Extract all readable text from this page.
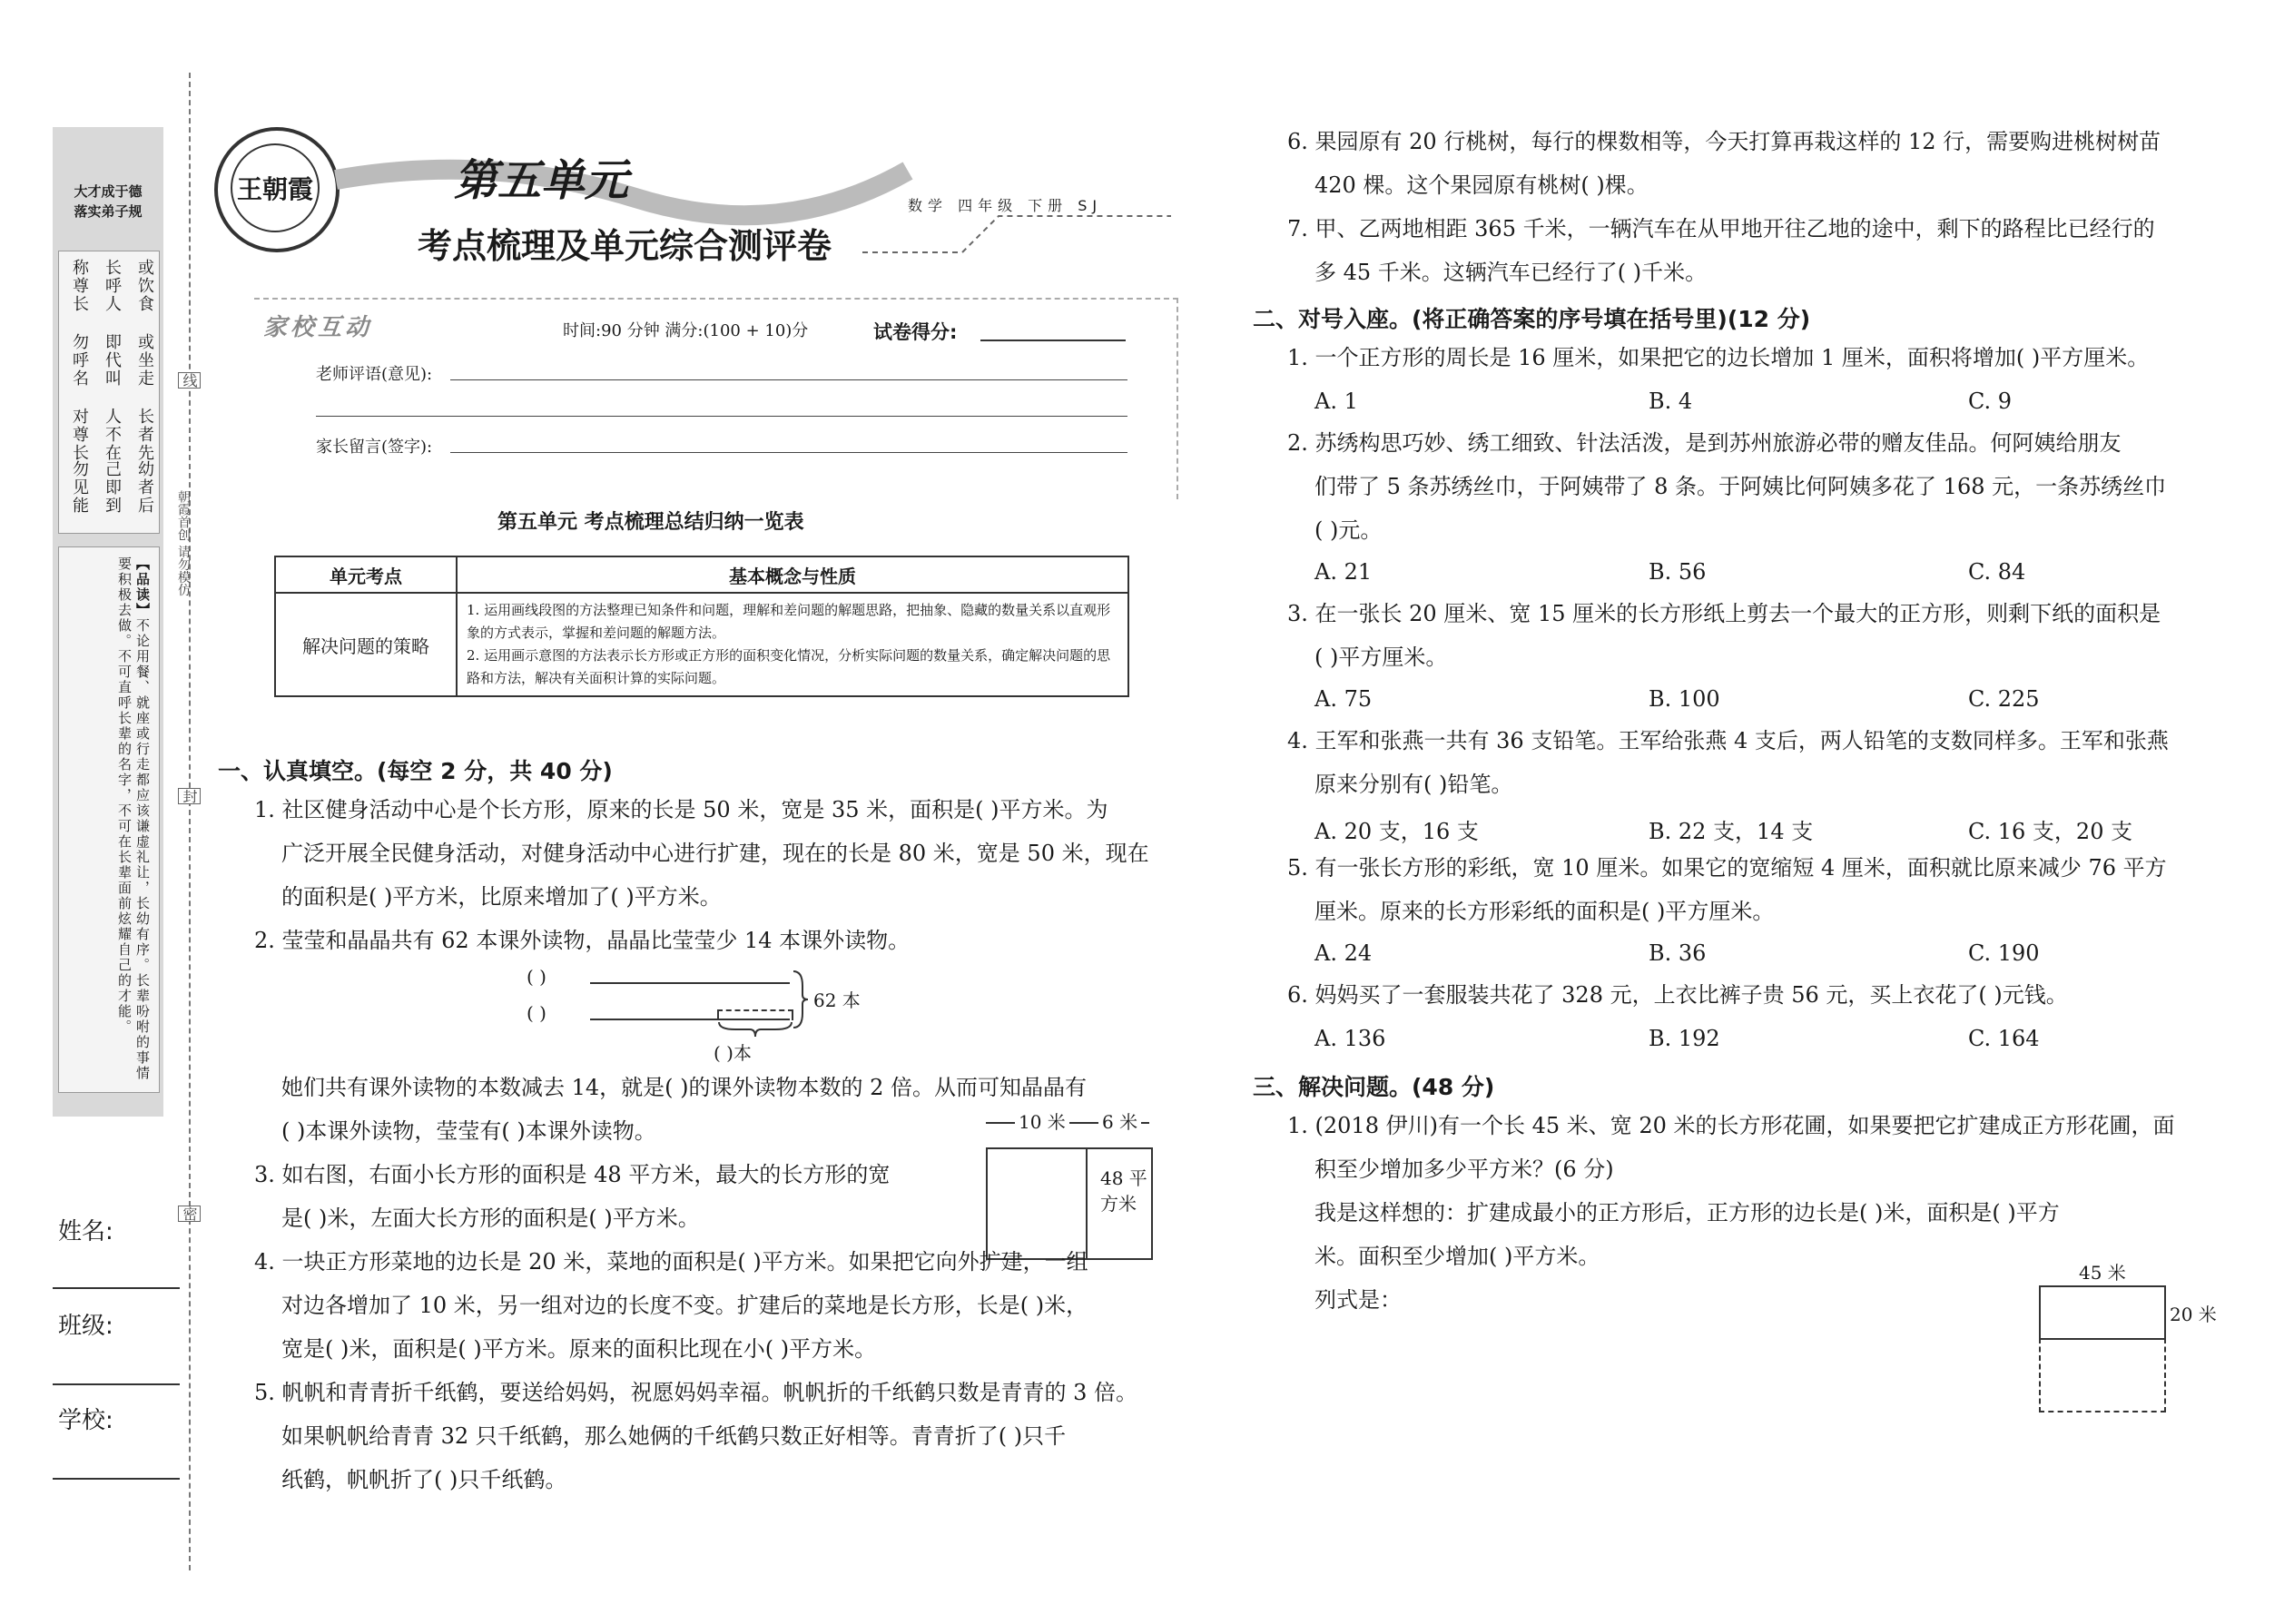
大才成于德
落实弟子规
或饮食
或坐走
长者先
幼者后
长呼人
即代叫
人不在
己即到
称尊长
勿呼名
对尊长
勿见能
【品读】不论用餐、就座或行走都应该谦虚礼让，长幼有序。长辈吩咐的事情要积极去做。不可直呼长辈的名字，不可在长辈面前炫耀自己的才能。
线
朝霞首创 请勿模仿
封
密
姓名:
班级:
学校:
王朝霞	第五单元
考点梳理及单元综合测评卷
数学 四年级 下册 SJ
家校互动	时间:90 分钟 满分:(100 + 10)分	试卷得分:
老师评语(意见):
家长留言(签字):
第五单元 考点梳理总结归纳一览表
单元考点	基本概念与性质
解决问题的策略	1. 运用画线段图的方法整理已知条件和问题，理解和差问题的解题思路，把抽象、隐藏的数量关系以直观形象的方式表示，掌握和差问题的解题方法。
2. 运用画示意图的方法表示长方形或正方形的面积变化情况，分析实际问题的数量关系，确定解决问题的思路和方法，解决有关面积计算的实际问题。
一、认真填空。(每空 2 分，共 40 分)
1. 社区健身活动中心是个长方形，原来的长是 50 米，宽是 35 米，面积是( )平方米。为
广泛开展全民健身活动，对健身活动中心进行扩建，现在的长是 80 米，宽是 50 米，现在
的面积是( )平方米，比原来增加了( )平方米。
2. 莹莹和晶晶共有 62 本课外读物，晶晶比莹莹少 14 本课外读物。
( )
( )
62 本
( )本
她们共有课外读物的本数减去 14，就是( )的课外读物本数的 2 倍。从而可知晶晶有
( )本课外读物，莹莹有( )本课外读物。
3. 如右图，右面小长方形的面积是 48 平方米，最大的长方形的宽
是( )米，左面大长方形的面积是( )平方米。
10 米 6 米
48 平
方米
4. 一块正方形菜地的边长是 20 米，菜地的面积是( )平方米。如果把它向外扩建，一组
对边各增加了 10 米，另一组对边的长度不变。扩建后的菜地是长方形，长是( )米，
宽是( )米，面积是( )平方米。原来的面积比现在小( )平方米。
5. 帆帆和青青折千纸鹤，要送给妈妈，祝愿妈妈幸福。帆帆折的千纸鹤只数是青青的 3 倍。
如果帆帆给青青 32 只千纸鹤，那么她俩的千纸鹤只数正好相等。青青折了( )只千
纸鹤，帆帆折了( )只千纸鹤。
6. 果园原有 20 行桃树，每行的棵数相等，今天打算再栽这样的 12 行，需要购进桃树树苗
420 棵。这个果园原有桃树( )棵。
7. 甲、乙两地相距 365 千米，一辆汽车在从甲地开往乙地的途中，剩下的路程比已经行的
多 45 千米。这辆汽车已经行了( )千米。
二、对号入座。(将正确答案的序号填在括号里)(12 分)
1. 一个正方形的周长是 16 厘米，如果把它的边长增加 1 厘米，面积将增加( )平方厘米。
A. 1	B. 4	C. 9
2. 苏绣构思巧妙、绣工细致、针法活泼，是到苏州旅游必带的赠友佳品。何阿姨给朋友
们带了 5 条苏绣丝巾，于阿姨带了 8 条。于阿姨比何阿姨多花了 168 元，一条苏绣丝巾
( )元。
A. 21	B. 56	C. 84
3. 在一张长 20 厘米、宽 15 厘米的长方形纸上剪去一个最大的正方形，则剩下纸的面积是
( )平方厘米。
A. 75	B. 100	C. 225
4. 王军和张燕一共有 36 支铅笔。王军给张燕 4 支后，两人铅笔的支数同样多。王军和张燕
原来分别有( )铅笔。
A. 20 支，16 支	B. 22 支，14 支	C. 16 支，20 支
5. 有一张长方形的彩纸，宽 10 厘米。如果它的宽缩短 4 厘米，面积就比原来减少 76 平方
厘米。原来的长方形彩纸的面积是( )平方厘米。
A. 24	B. 36	C. 190
6. 妈妈买了一套服装共花了 328 元，上衣比裤子贵 56 元，买上衣花了( )元钱。
A. 136	B. 192	C. 164
三、解决问题。(48 分)
1. (2018 伊川)有一个长 45 米、宽 20 米的长方形花圃，如果要把它扩建成正方形花圃，面
积至少增加多少平方米？(6 分)
我是这样想的：扩建成最小的正方形后，正方形的边长是( )米，面积是( )平方
米。面积至少增加( )平方米。
列式是：
45 米
20 米
